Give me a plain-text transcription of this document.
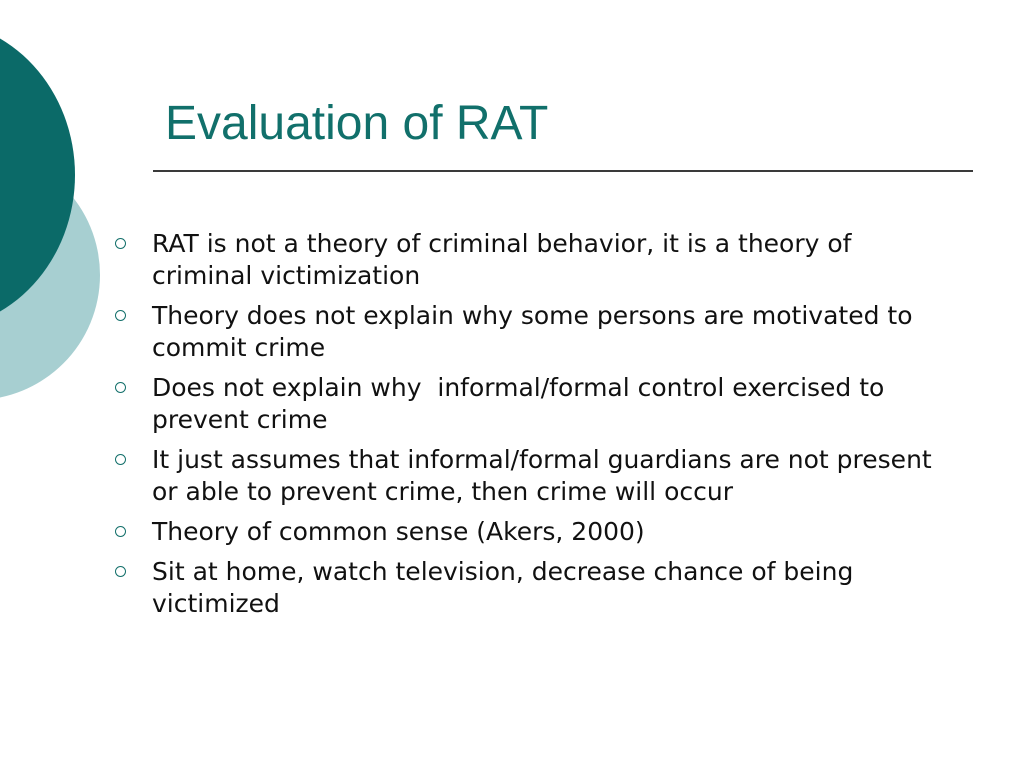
Evaluation of RAT
RAT is not a theory of criminal behavior, it is a theory of criminal victimization
Theory does not explain why some persons are motivated to commit crime
Does not explain why  informal/formal control exercised to prevent crime
It just assumes that informal/formal guardians are not present or able to prevent crime, then crime will occur
Theory of common sense (Akers, 2000)
Sit at home, watch television, decrease chance of being victimized
